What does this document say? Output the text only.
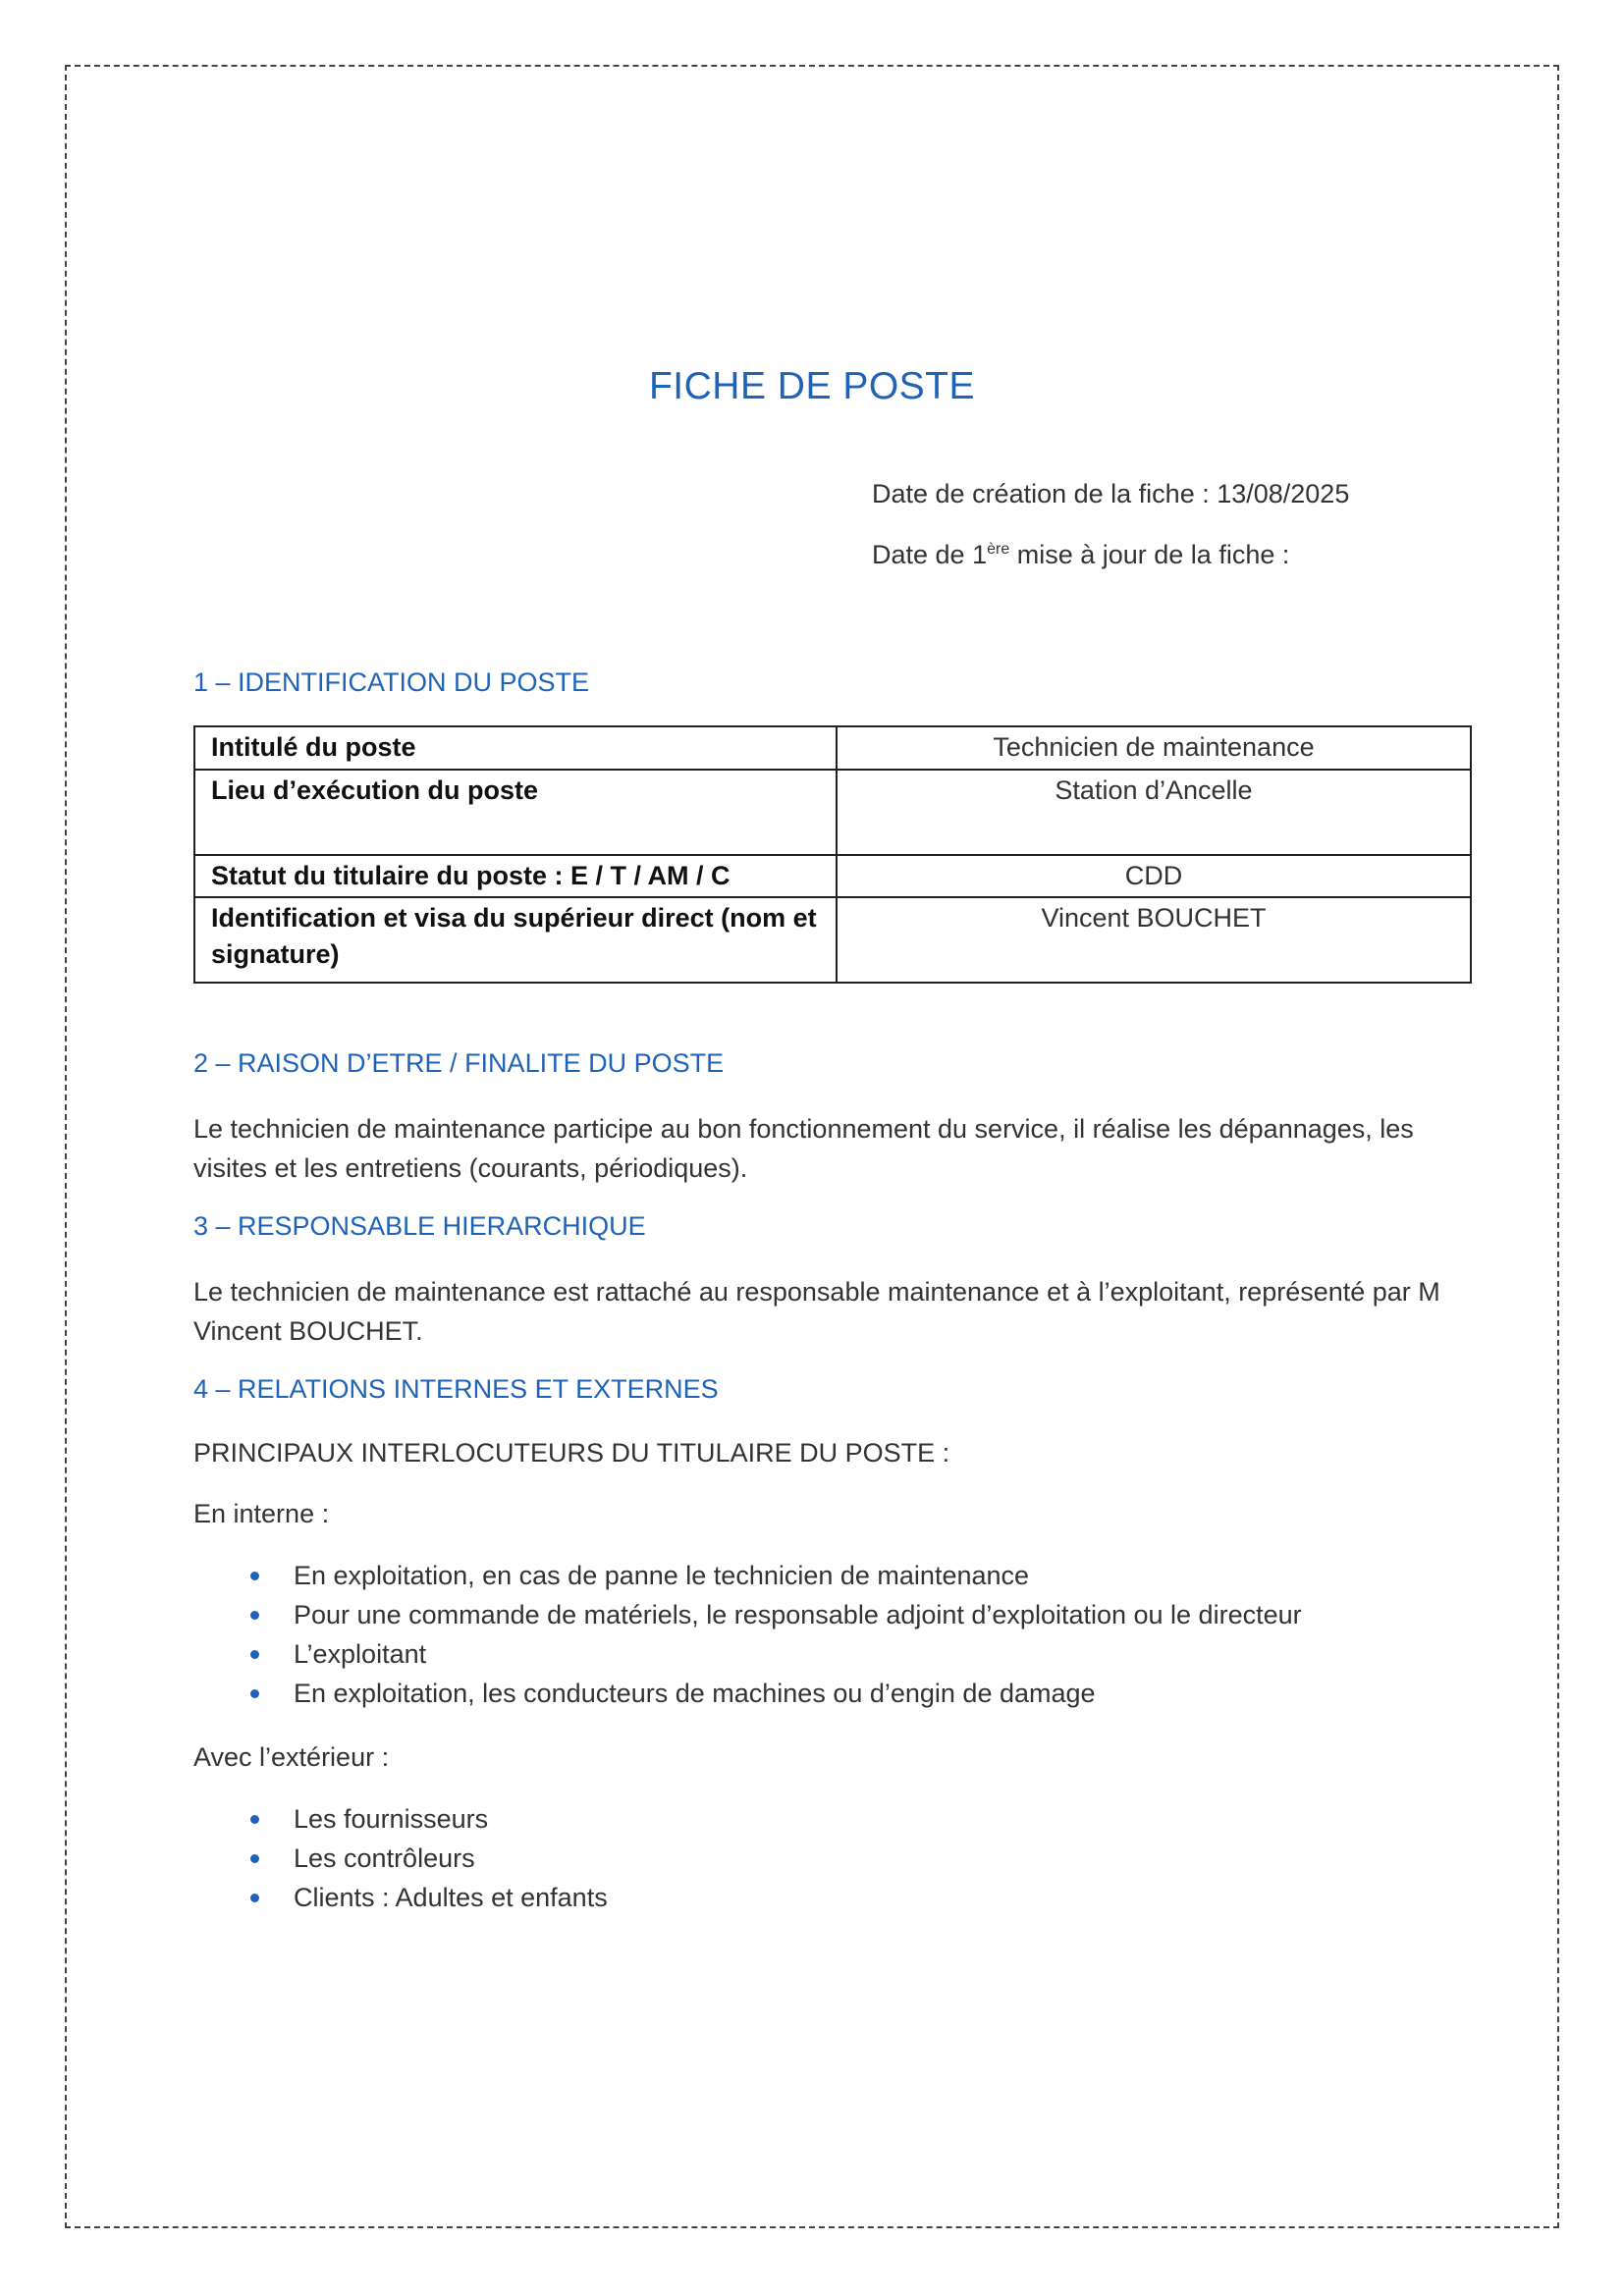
FICHE DE POSTE
Date de création de la fiche : 13/08/2025
Date de 1ère mise à jour de la fiche :
1 – IDENTIFICATION DU POSTE
Intitulé du poste	Technicien de maintenance
Lieu d’exécution du poste	Station d’Ancelle
Statut du titulaire du poste : E / T / AM / C	CDD
Identification et visa du supérieur direct (nom et signature)	Vincent BOUCHET
2 – RAISON D’ETRE / FINALITE DU POSTE

Le technicien de maintenance participe au bon fonctionnement du service, il réalise les dépannages, les visites et les entretiens (courants, périodiques).

3 – RESPONSABLE HIERARCHIQUE

Le technicien de maintenance est rattaché au responsable maintenance et à l’exploitant, représenté par M Vincent BOUCHET.

4 – RELATIONS INTERNES ET EXTERNES

PRINCIPAUX INTERLOCUTEURS DU TITULAIRE DU POSTE :

En interne :

En exploitation, en cas de panne le technicien de maintenance
Pour une commande de matériels, le responsable adjoint d’exploitation ou le directeur
L’exploitant
En exploitation, les conducteurs de machines ou d’engin de damage

Avec l’extérieur :

Les fournisseurs
Les contrôleurs
Clients : Adultes et enfants
